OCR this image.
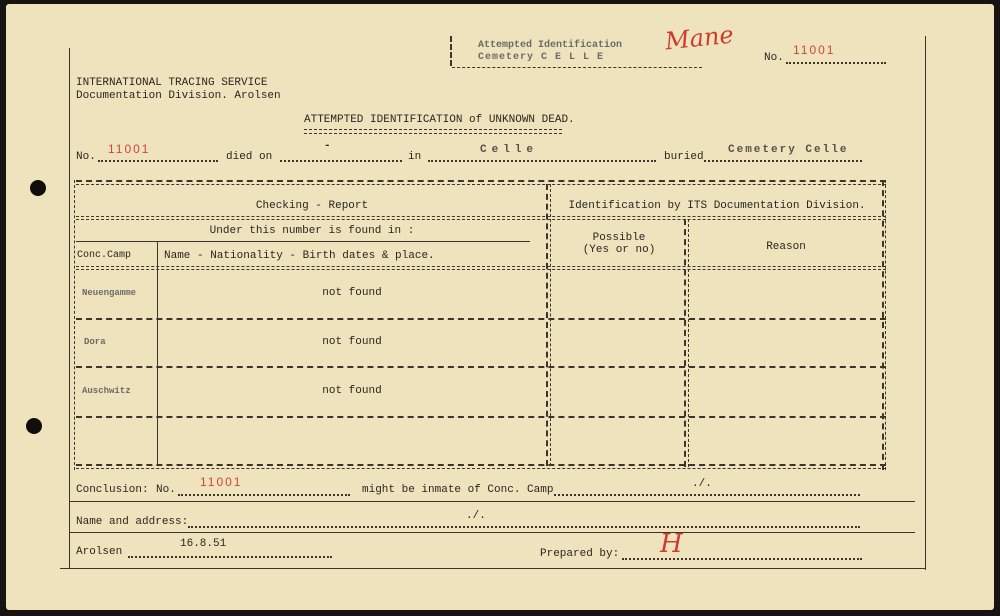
Attempted Identification
Cemetery C E L L E
Mane
No.
11001
INTERNATIONAL TRACING SERVICE
Documentation Division. Arolsen
ATTEMPTED IDENTIFICATION of UNKNOWN DEAD.
No.
11001
died on
-
in
Celle
buried
Cemetery Celle
Checking - Report	Identification by ITS Documentation Division.
Under this number is found in :
Conc.Camp	Name - Nationality - Birth dates & place.
Possible
(Yes or no)	Reason
Neuengamme	not found
Dora	not found
Auschwitz	not found
Conclusion: No.
11001
might be inmate of Conc. Camp	./.
Name and address:	./.
Arolsen
16.8.51
Prepared by: H
